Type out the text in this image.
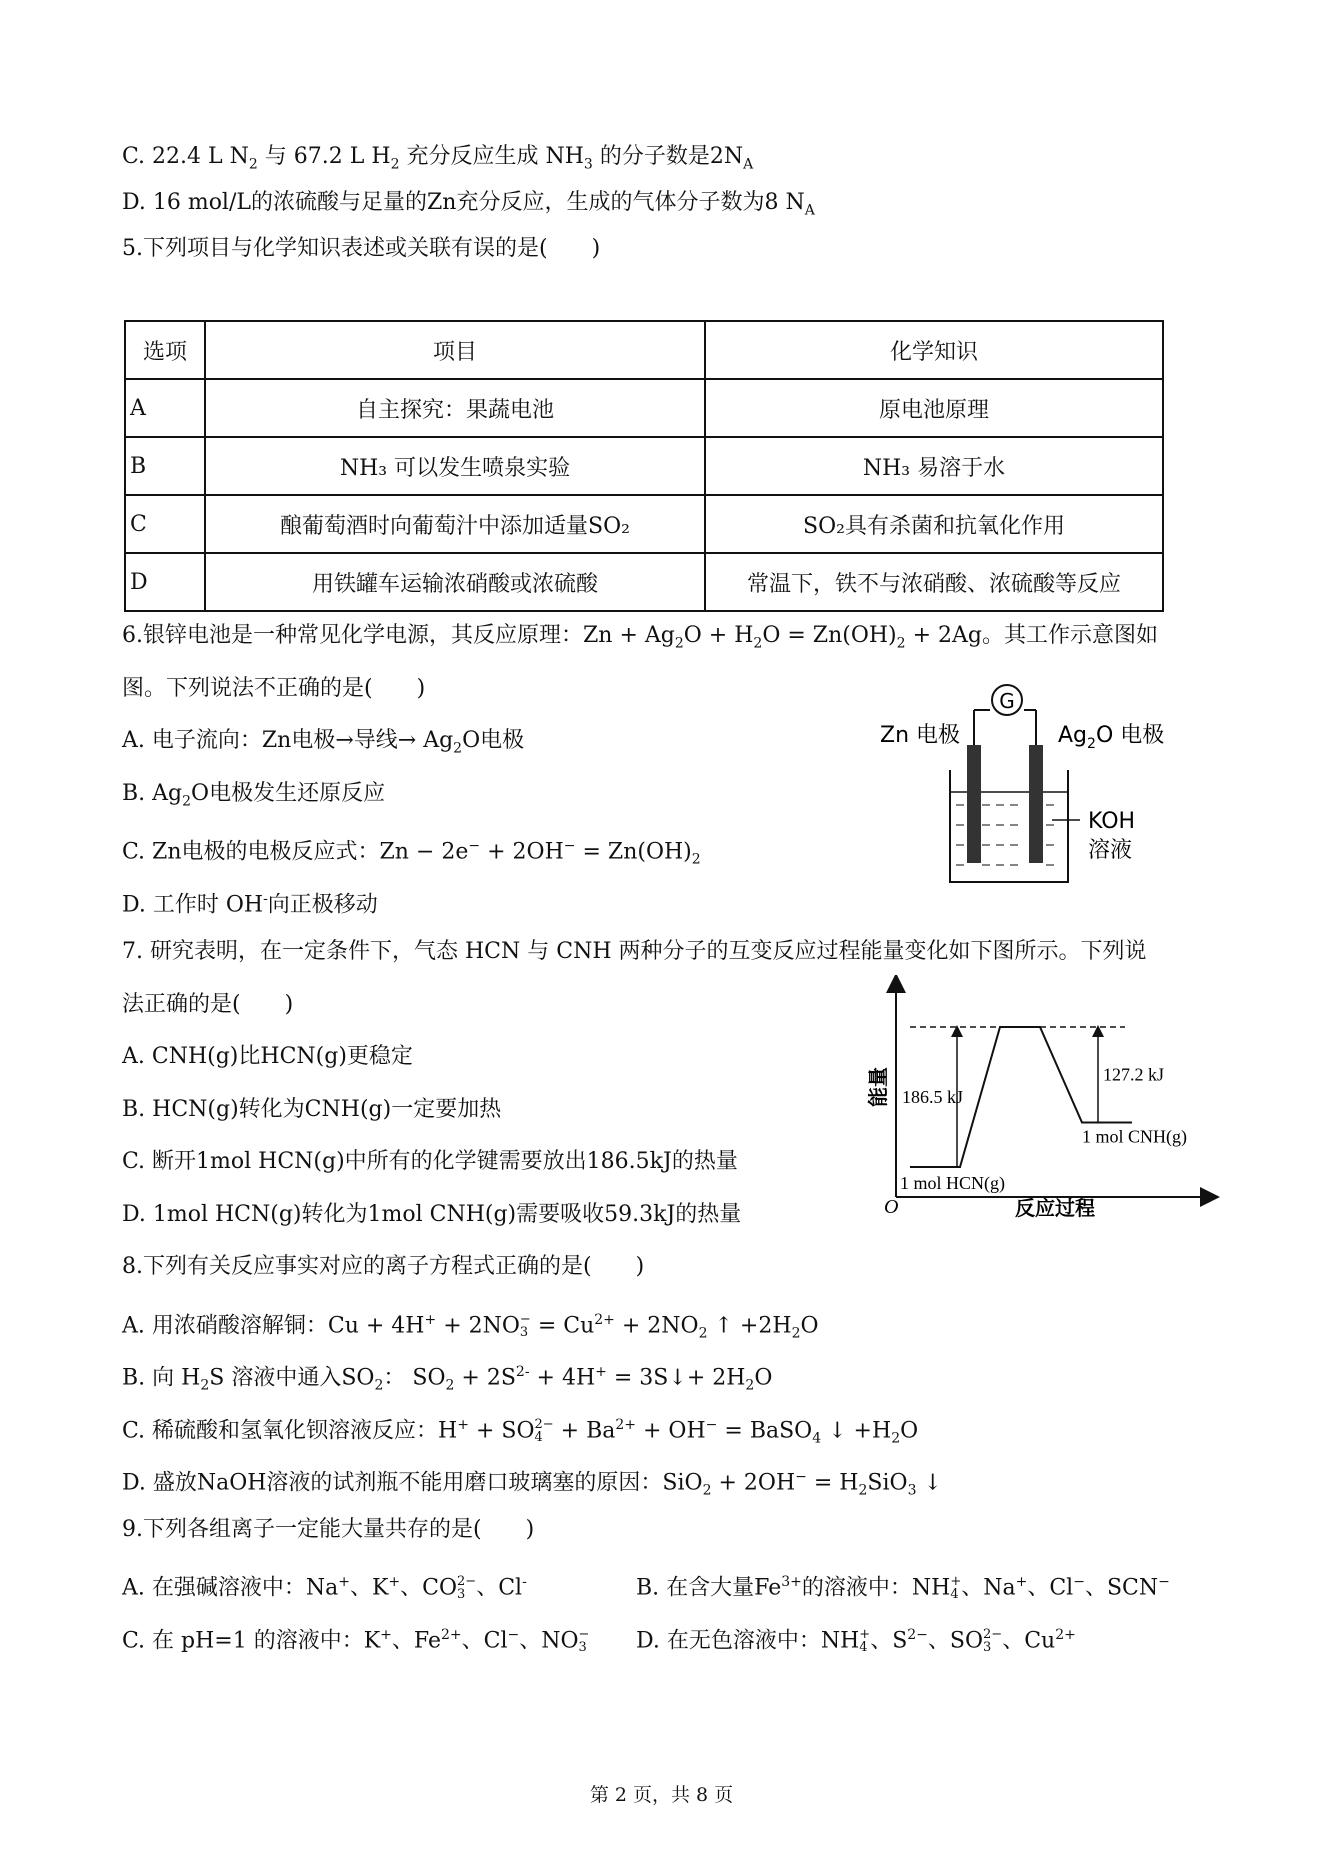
C. 22.4 L $N_2$ 与 67.2 L $H_2$ 充分反应生成 $NH_3$ 的分子数是$2N_A$
D. 16 mol/L的浓硫酸与足量的Zn充分反应，生成的气体分子数为8 $N_A$
5.下列项目与化学知识表述或关联有误的是(　　)
选项	项目	化学知识
A	自主探究：果蔬电池	原电池原理
B	NH₃ 可以发生喷泉实验	NH₃ 易溶于水
C	酿葡萄酒时向葡萄汁中添加适量SO₂	SO₂具有杀菌和抗氧化作用
D	用铁罐车运输浓硝酸或浓硫酸	常温下，铁不与浓硝酸、浓硫酸等反应
6.银锌电池是一种常见化学电源，其反应原理：$Zn + Ag_2O + H_2O = Zn(OH)_2 + 2Ag$。其工作示意图如
图。下列说法不正确的是(　　)
A. 电子流向：Zn电极→导线→ $Ag_2O$电极
B. $Ag_2O$电极发生还原反应
C. Zn电极的电极反应式：$Zn - 2e^- + 2OH^- = Zn(OH)_2$
D. 工作时 OH-向正极移动
G
Zn 电极	$Ag_2O$ 电极
KOH
溶液
7. 研究表明，在一定条件下，气态 HCN 与 CNH 两种分子的互变反应过程能量变化如下图所示。下列说
法正确的是(　　)
A. CNH(g)比HCN(g)更稳定
B. HCN(g)转化为CNH(g)一定要加热
C. 断开1mol HCN(g)中所有的化学键需要放出186.5kJ的热量
D. 1mol HCN(g)转化为1mol CNH(g)需要吸收59.3kJ的热量	O	反应过程
能量 186.5 kJ
127.2 kJ
1 mol HCN(g)
1 mol CNH(g)
8.下列有关反应事实对应的离子方程式正确的是(　　)
A. 用浓硝酸溶解铜：Cu + 4H+ + 2NO −
$3 = Cu^{2+} + 2NO_2$ ↑ $+2H_2O$
B. 向 $H_2S$ 溶液中通入$SO_2$： $SO_2 + 2S^{2-} + 4H^+$ = 3S↓+ $2H_2O$
C. 稀硫酸和氢氧化钡溶液反应：H+ + SO 2−
$4 + Ba^{2+} + OH^-$ = BaSO$_4$ ↓ $+H_2O$
D. 盛放NaOH溶液的试剂瓶不能用磨口玻璃塞的原因：$SiO_2 + 2OH^- = H_2SiO_3$ ↓
9.下列各组离子一定能大量共存的是(　　)
A. 在强碱溶液中：Na+、K+、CO 2−
3 、Cl-	B. 在含大量$Fe^{3+}$的溶液中：NH +
4 、Na+、Cl−、SCN−
C. 在 pH=1 的溶液中：K+、$Fe^{2+}$、Cl−、NO −
3 D. 在无色溶液中：NH +
4 、$S^{2-}$、SO 2−
3 、$Cu^{2+}$
第 2 页，共 8 页
